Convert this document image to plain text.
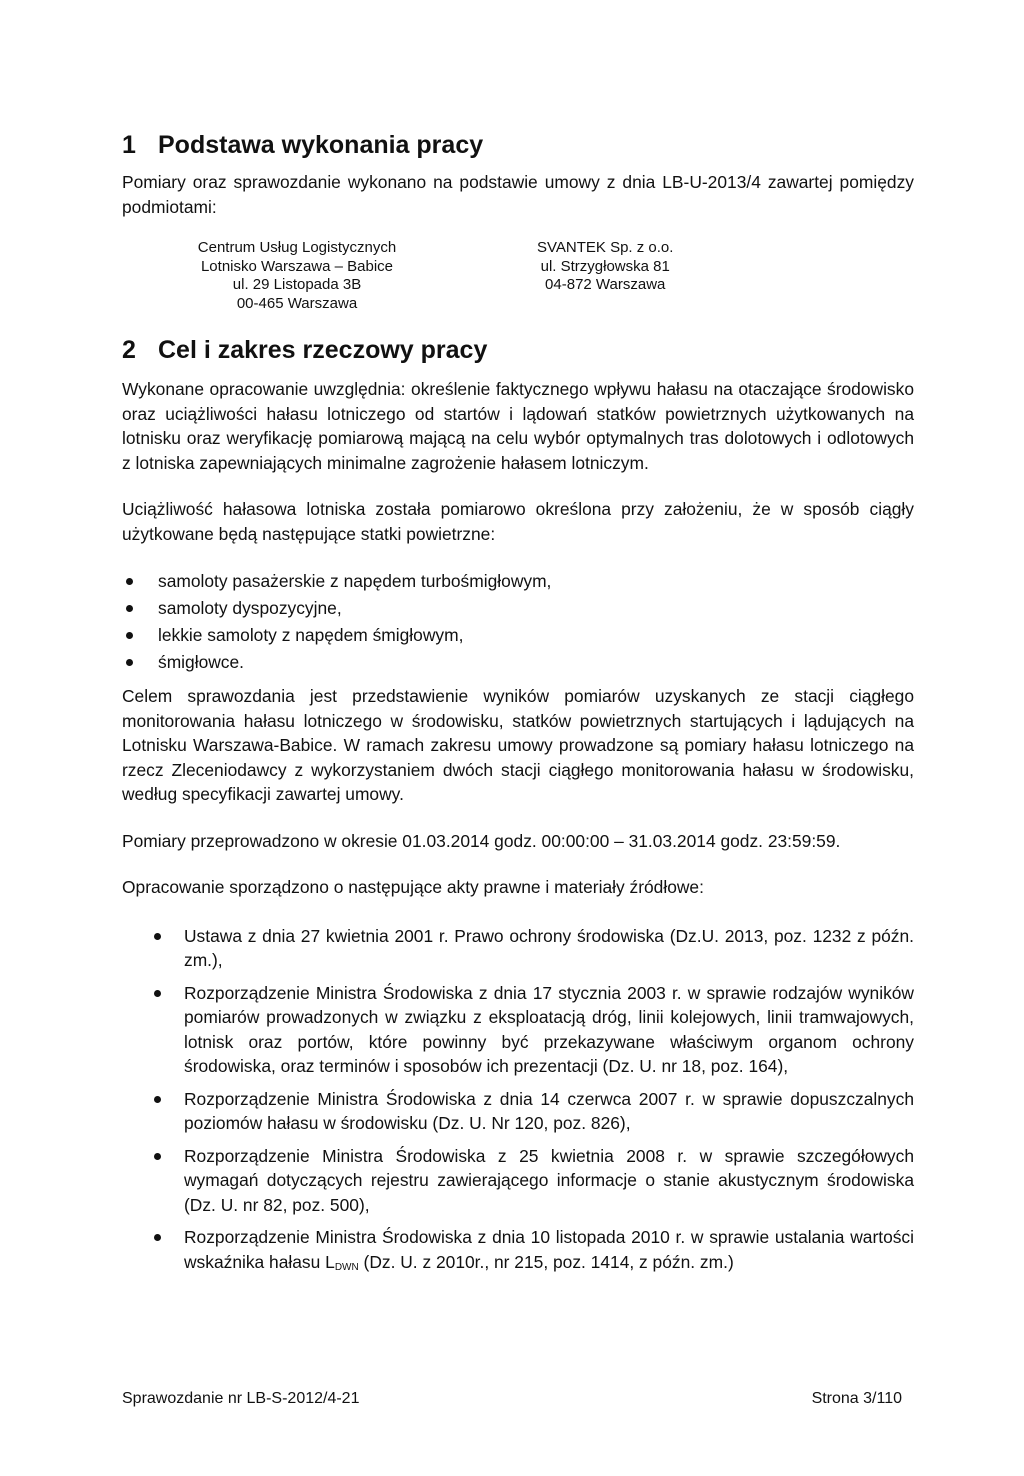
1 Podstawa wykonania pracy

Pomiary oraz sprawozdanie wykonano na podstawie umowy z dnia LB-U-2013/4 zawartej pomiędzy podmiotami:

Centrum Usług Logistycznych
Lotnisko Warszawa – Babice
ul. 29 Listopada 3B
00-465 Warszawa
SVANTEK Sp. z o.o.
ul. Strzygłowska 81
04-872 Warszawa
2 Cel i zakres rzeczowy pracy

Wykonane opracowanie uwzględnia: określenie faktycznego wpływu hałasu na otaczające środowisko oraz uciążliwości hałasu lotniczego od startów i lądowań statków powietrznych użytkowanych na lotnisku oraz weryfikację pomiarową mającą na celu wybór optymalnych tras dolotowych i odlotowych z lotniska zapewniających minimalne zagrożenie hałasem lotniczym.

Uciążliwość hałasowa lotniska została pomiarowo określona przy założeniu, że w sposób ciągły użytkowane będą następujące statki powietrzne:

samoloty pasażerskie z napędem turbośmigłowym,
samoloty dyspozycyjne,
lekkie samoloty z napędem śmigłowym,
śmigłowce.

Celem sprawozdania jest przedstawienie wyników pomiarów uzyskanych ze stacji ciągłego monitorowania hałasu lotniczego w środowisku, statków powietrznych startujących i lądujących na Lotnisku Warszawa-Babice. W ramach zakresu umowy prowadzone są pomiary hałasu lotniczego na rzecz Zleceniodawcy z wykorzystaniem dwóch stacji ciągłego monitorowania hałasu w środowisku, według specyfikacji zawartej umowy.

Pomiary przeprowadzono w okresie 01.03.2014 godz. 00:00:00 – 31.03.2014 godz. 23:59:59.

Opracowanie sporządzono o następujące akty prawne i materiały źródłowe:

Ustawa z dnia 27 kwietnia 2001 r. Prawo ochrony środowiska (Dz.U. 2013, poz. 1232 z późn. zm.),
Rozporządzenie Ministra Środowiska z dnia 17 stycznia 2003 r. w sprawie rodzajów wyników pomiarów prowadzonych w związku z eksploatacją dróg, linii kolejowych, linii tramwajowych, lotnisk oraz portów, które powinny być przekazywane właściwym organom ochrony środowiska, oraz terminów i sposobów ich prezentacji (Dz. U. nr 18, poz. 164),
Rozporządzenie Ministra Środowiska z dnia 14 czerwca 2007 r. w sprawie dopuszczalnych poziomów hałasu w środowisku (Dz. U. Nr 120, poz. 826),
Rozporządzenie Ministra Środowiska z 25 kwietnia 2008 r. w sprawie szczegółowych wymagań dotyczących rejestru zawierającego informacje o stanie akustycznym środowiska (Dz. U. nr 82, poz. 500),
Rozporządzenie Ministra Środowiska z dnia 10 listopada 2010 r. w sprawie ustalania wartości wskaźnika hałasu $L_{DWN}$ (Dz. U. z 2010r., nr 215, poz. 1414, z późn. zm.)
Sprawozdanie nr LB-S-2012/4-21	Strona 3/110
